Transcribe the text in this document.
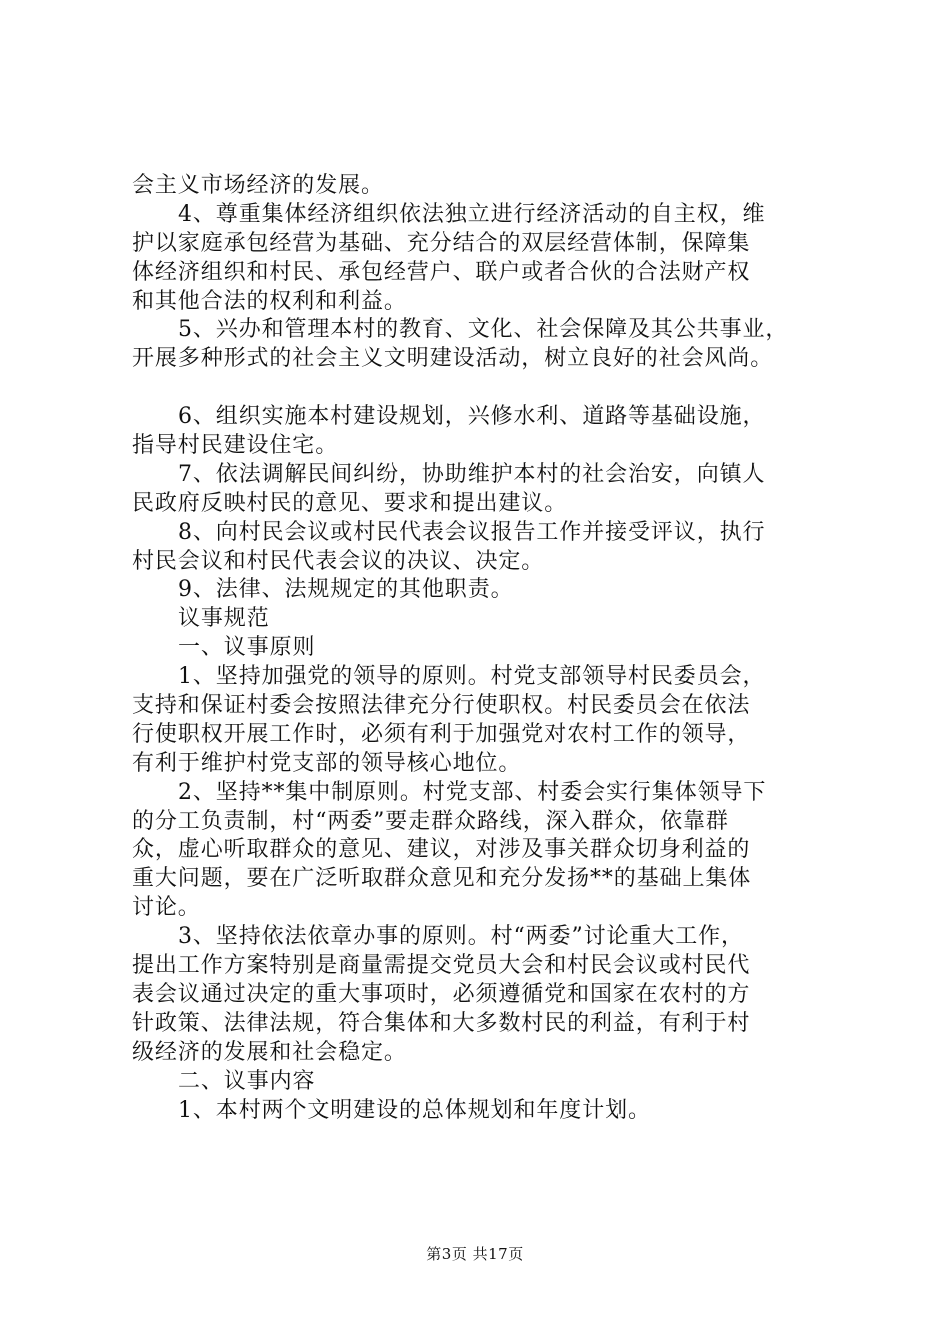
会主义市场经济的发展。
4、尊重集体经济组织依法独立进行经济活动的自主权，维
护以家庭承包经营为基础、充分结合的双层经营体制，保障集
体经济组织和村民、承包经营户、联户或者合伙的合法财产权
和其他合法的权利和利益。
5、兴办和管理本村的教育、文化、社会保障及其公共事业，
开展多种形式的社会主义文明建设活动，树立良好的社会风尚。
6、组织实施本村建设规划，兴修水利、道路等基础设施，
指导村民建设住宅。
7、依法调解民间纠纷，协助维护本村的社会治安，向镇人
民政府反映村民的意见、要求和提出建议。
8、向村民会议或村民代表会议报告工作并接受评议，执行
村民会议和村民代表会议的决议、决定。
9、法律、法规规定的其他职责。
议事规范
一、议事原则
1、坚持加强党的领导的原则。村党支部领导村民委员会，
支持和保证村委会按照法律充分行使职权。村民委员会在依法
行使职权开展工作时，必须有利于加强党对农村工作的领导，
有利于维护村党支部的领导核心地位。
2、坚持**集中制原则。村党支部、村委会实行集体领导下
的分工负责制，村“两委”要走群众路线，深入群众，依靠群
众，虚心听取群众的意见、建议，对涉及事关群众切身利益的
重大问题，要在广泛听取群众意见和充分发扬**的基础上集体
讨论。
3、坚持依法依章办事的原则。村“两委”讨论重大工作，
提出工作方案特别是商量需提交党员大会和村民会议或村民代
表会议通过决定的重大事项时，必须遵循党和国家在农村的方
针政策、法律法规，符合集体和大多数村民的利益，有利于村
级经济的发展和社会稳定。
二、议事内容
1、本村两个文明建设的总体规划和年度计划。
第3页 共17页
